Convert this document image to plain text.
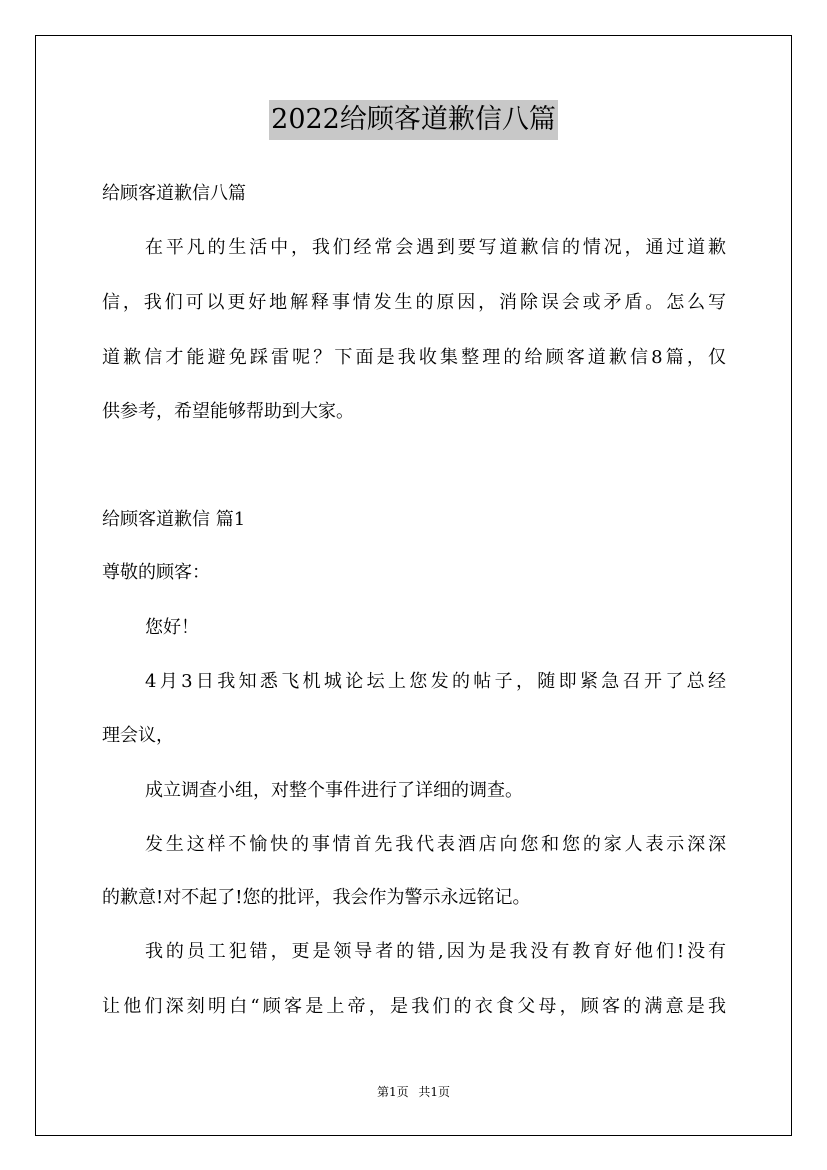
2022给顾客道歉信八篇
给顾客道歉信八篇
在平凡的生活中，我们经常会遇到要写道歉信的情况，通过道歉
信，我们可以更好地解释事情发生的原因，消除误会或矛盾。怎么写
道歉信才能避免踩雷呢？下面是我收集整理的给顾客道歉信8篇，仅
供参考，希望能够帮助到大家。
给顾客道歉信 篇1
尊敬的顾客：
您好！
4月3日我知悉飞机城论坛上您发的帖子，随即紧急召开了总经
理会议，
成立调查小组，对整个事件进行了详细的调查。
发生这样不愉快的事情首先我代表酒店向您和您的家人表示深深
的歉意!对不起了!您的批评，我会作为警示永远铭记。
我的员工犯错，更是领导者的错,因为是我没有教育好他们!没有
让他们深刻明白“顾客是上帝，是我们的衣食父母，顾客的满意是我
第1页 共1页
